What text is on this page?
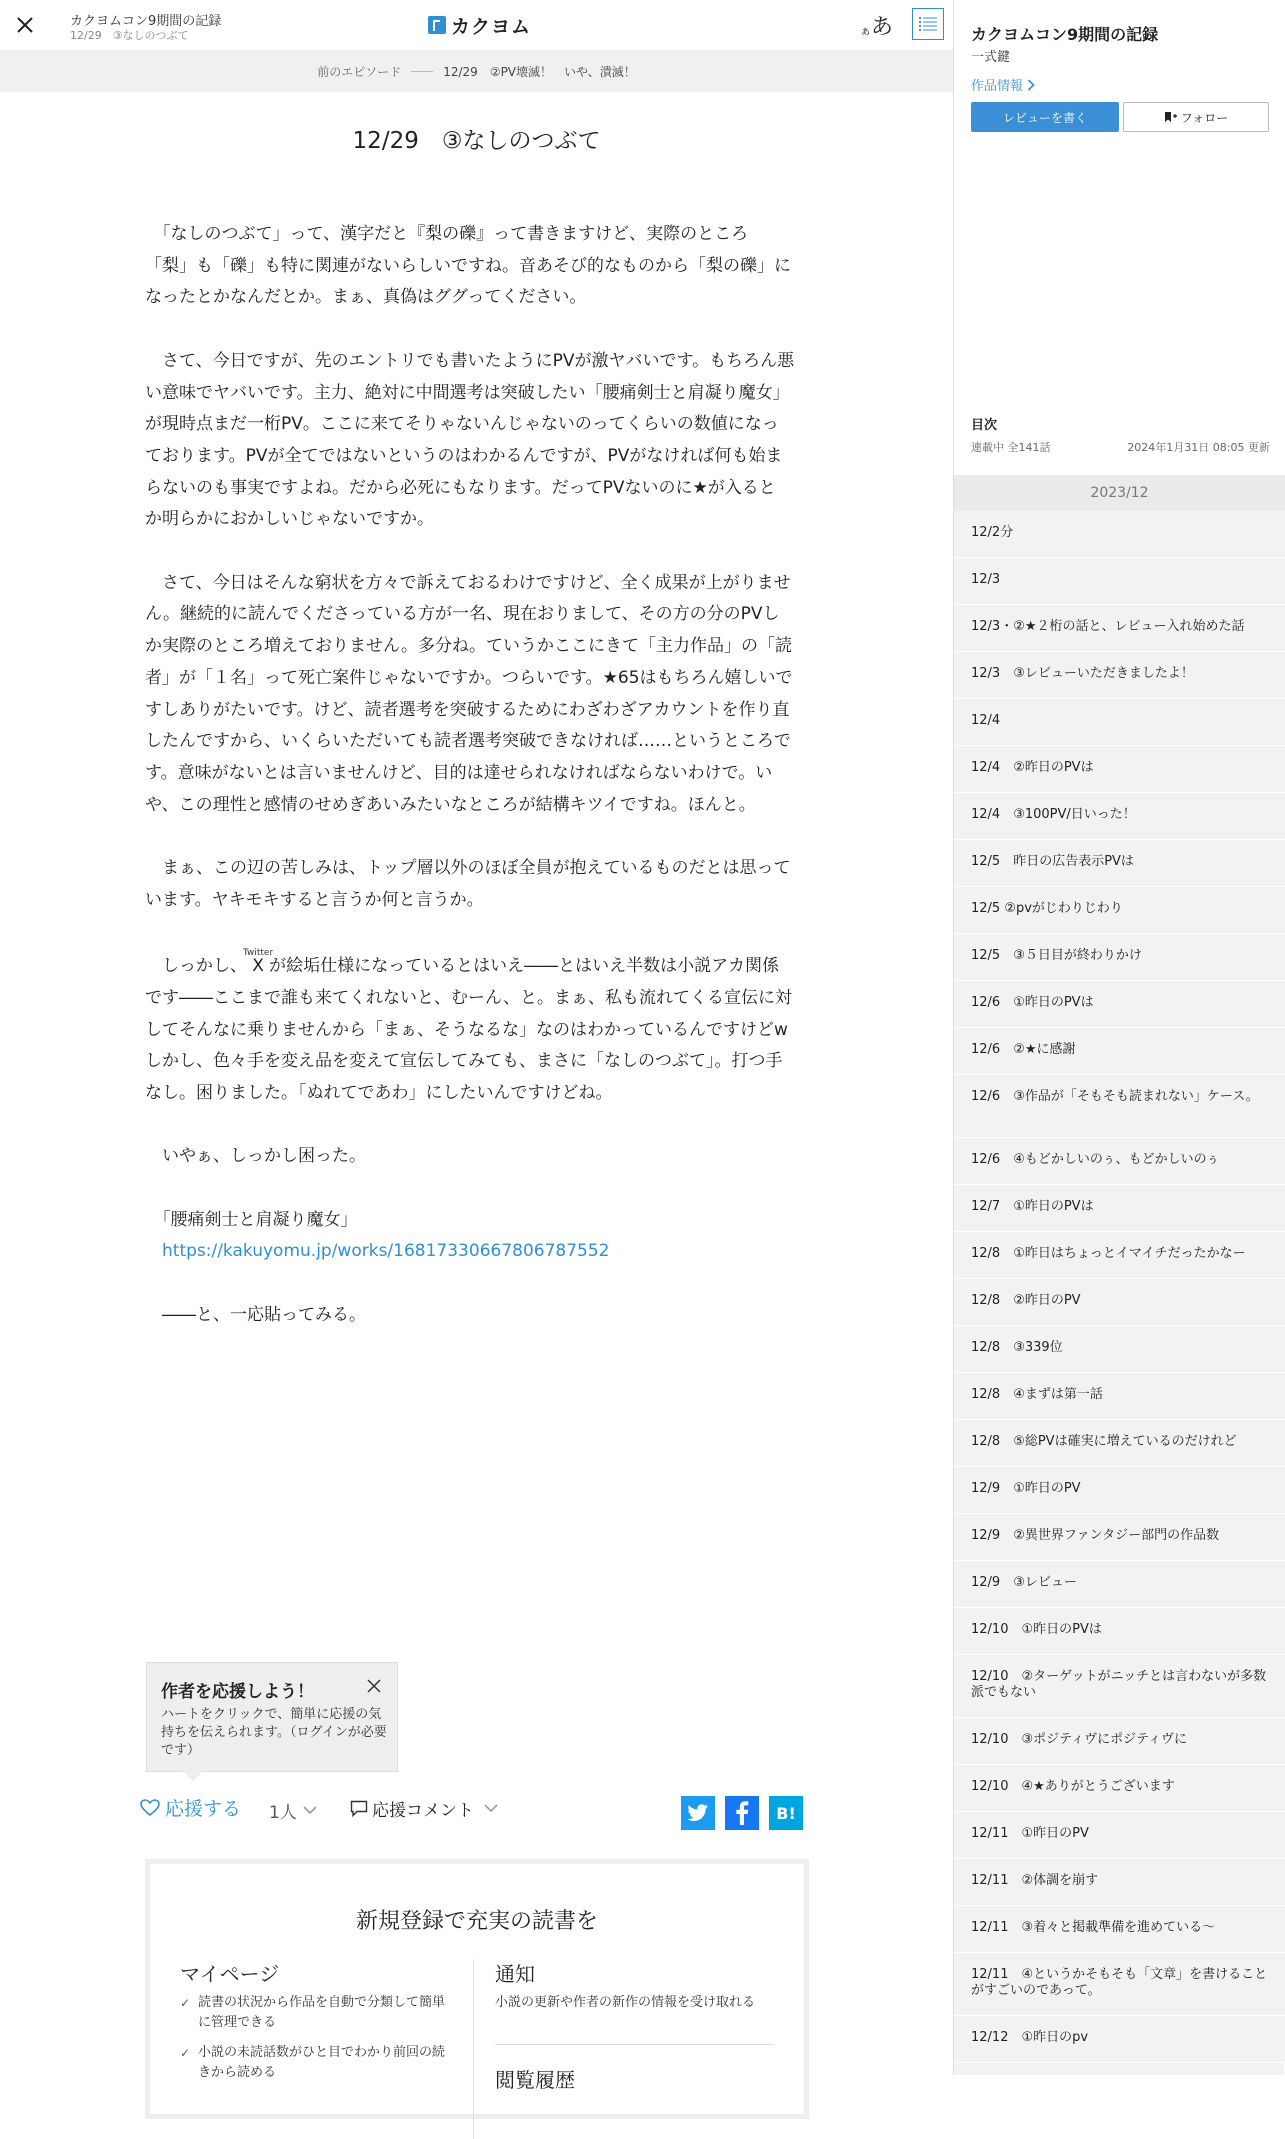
カクヨムコン9期間の記録
12/29　③なしのつぶて	カクヨム	ぁ あ
前のエピソード	12/29　②PV壊滅！　いや、潰滅！
12/29　③なしのつぶて

　「なしのつぶて」って、漢字だと『梨の礫』って書きますけど、実際のところ

「梨」も「礫」も特に関連がないらしいですね。音あそび的なものから「梨の礫」に

なったとかなんだとか。まぁ、真偽はググってください。

　さて、今日ですが、先のエントリでも書いたようにPVが激ヤバいです。もちろん悪

い意味でヤバいです。主力、絶対に中間選考は突破したい「腰痛剣士と肩凝り魔女」

が現時点まだ一桁PV。ここに来てそりゃないんじゃないのってくらいの数値になっ

ております。PVが全てではないというのはわかるんですが、PVがなければ何も始ま

らないのも事実ですよね。だから必死にもなります。だってPVないのに★が入ると

か明らかにおかしいじゃないですか。

　さて、今日はそんな窮状を方々で訴えておるわけですけど、全く成果が上がりませ

ん。継続的に読んでくださっている方が一名、現在おりまして、その方の分のPVし

か実際のところ増えておりません。多分ね。ていうかここにきて「主力作品」の「読

者」が「１名」って死亡案件じゃないですか。つらいです。★65はもちろん嬉しいで

すしありがたいです。けど、読者選考を突破するためにわざわざアカウントを作り直

したんですから、いくらいただいても読者選考突破できなければ……というところで

す。意味がないとは言いませんけど、目的は達せられなければならないわけで。い

や、この理性と感情のせめぎあいみたいなところが結構キツイですね。ほんと。

　まぁ、この辺の苦しみは、トップ層以外のほぼ全員が抱えているものだとは思って

います。ヤキモキすると言うか何と言うか。

　しっかし、XTwitterが絵垢仕様になっているとはいえ――とはいえ半数は小説アカ関係

です――ここまで誰も来てくれないと、むーん、と。まぁ、私も流れてくる宣伝に対

してそんなに乗りませんから「まぁ、そうなるな」なのはわかっているんですけどw

しかし、色々手を変え品を変えて宣伝してみても、まさに「なしのつぶて」。打つ手

なし。困りました。「ぬれてであわ」にしたいんですけどね。

　いやぁ、しっかし困った。

　「腰痛剣士と肩凝り魔女」

　https://kakuyomu.jp/works/16817330667806787552

　――と、一応貼ってみる。

作者を応援しよう！
ハートをクリックで、簡単に応援の気持ちを伝えられます。（ログインが必要です）
応援する 1人	応援コメント	B!
新規登録で充実の読書を
マイページ
✓ 読書の状況から作品を自動で分類して簡単に管理できる
✓ 小説の未読話数がひと目でわかり前回の続きから読める
通知
小説の更新や作者の新作の情報を受け取れる
閲覧履歴
カクヨムコン9期間の記録
一式鍵
作品情報
レビューを書く	フォロー
目次
連載中 全141話	2024年1月31日 08:05 更新
2023/12
12/2分
12/3
12/3・②★２桁の話と、レビュー入れ始めた話
12/3　③レビューいただきましたよ！
12/4
12/4　②昨日のPVは
12/4　③100PV/日いった！
12/5　昨日の広告表示PVは
12/5 ②pvがじわりじわり
12/5　③５日目が終わりかけ
12/6　①昨日のPVは
12/6　②★に感謝
12/6　③作品が「そもそも読まれない」ケース。
12/6　④もどかしいのぅ、もどかしいのぅ
12/7　①昨日のPVは
12/8　①昨日はちょっとイマイチだったかなー
12/8　②昨日のPV
12/8　③339位
12/8　④まずは第一話
12/8　⑤総PVは確実に増えているのだけれど
12/9　①昨日のPV
12/9　②異世界ファンタジー部門の作品数
12/9　③レビュー
12/10　①昨日のPVは
12/10　②ターゲットがニッチとは言わないが多数派でもない
12/10　③ポジティヴにポジティヴに
12/10　④★ありがとうございます
12/11　①昨日のPV
12/11　②体調を崩す
12/11　③着々と掲載準備を進めている～
12/11　④というかそもそも「文章」を書けることがすごいのであって。
12/12　①昨日のpv
